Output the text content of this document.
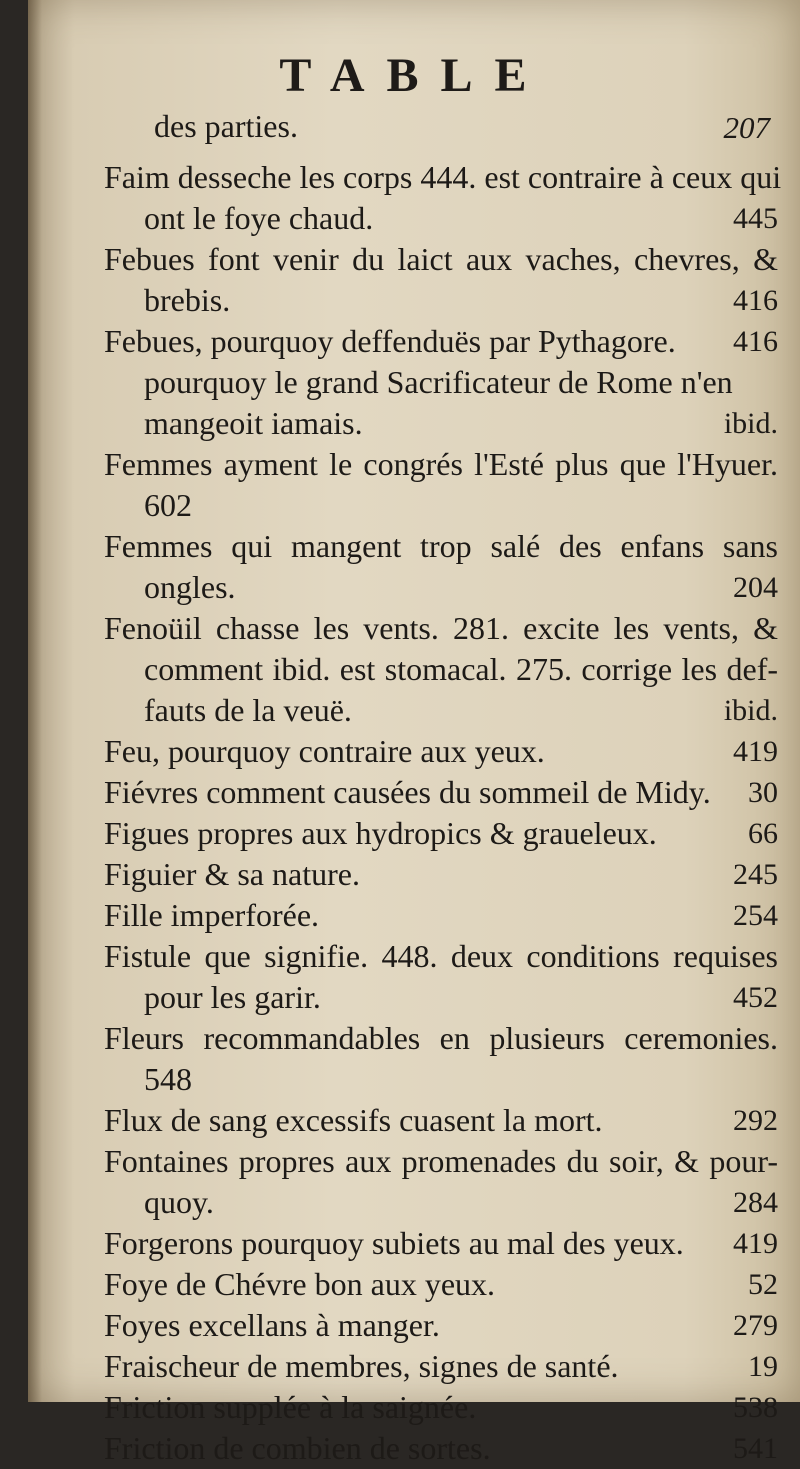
TABLE
des parties.	207
Faim desseche les corps 444. est contraire à ceux qui
ont le foye chaud.	445
Febues font venir du laict aux vaches, chevres, &
brebis.	416
Febues, pourquoy deffenduës par Pythagore. 416
pourquoy le grand Sacrificateur de Rome n'en
mangeoit iamais.	ibid.
Femmes ayment le congrés l'Esté plus que l'Hyuer.
602
Femmes qui mangent trop salé des enfans sans
ongles.	204
Fenoüil chasse les vents. 281. excite les vents, &
comment ibid. est stomacal. 275. corrige les def-
fauts de la veuë.	ibid.
Feu, pourquoy contraire aux yeux.	419
Fiévres comment causées du sommeil de Midy. 30
Figues propres aux hydropics & graueleux.	66
Figuier & sa nature.	245
Fille imperforée.	254
Fistule que signifie. 448. deux conditions requises
pour les garir.	452
Fleurs recommandables en plusieurs ceremonies.
548
Flux de sang excessifs cuasent la mort.	292
Fontaines propres aux promenades du soir, & pour-
quoy.	284
Forgerons pourquoy subiets au mal des yeux. 419
Foye de Chévre bon aux yeux.	52
Foyes excellans à manger.	279
Fraischeur de membres, signes de santé.	19
Friction supplée à la saignée.	538
Friction de combien de sortes.	541
